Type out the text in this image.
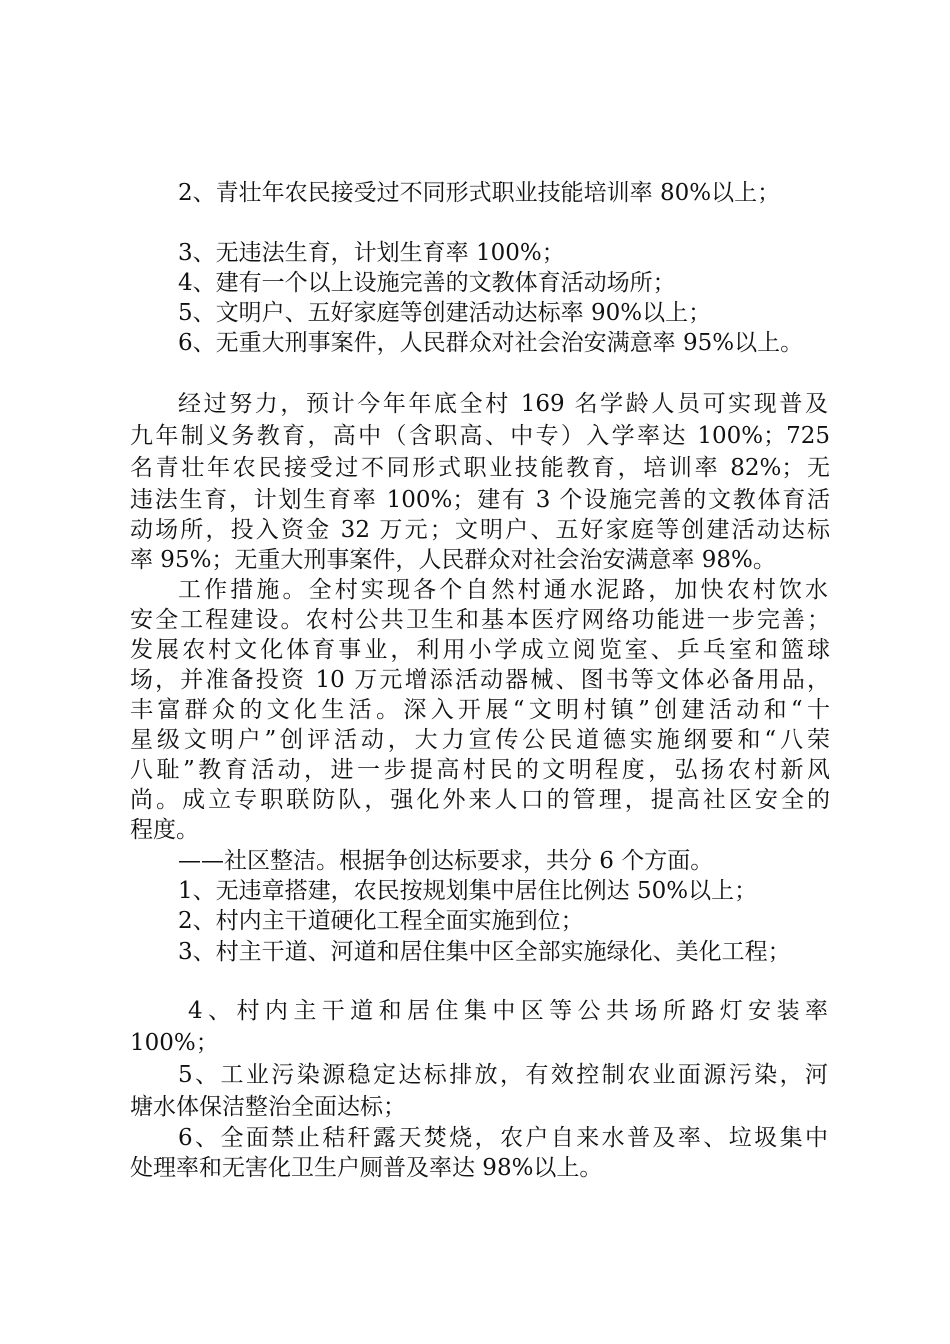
2、青壮年农民接受过不同形式职业技能培训率 80%以上；
3、无违法生育，计划生育率 100%；
4、建有一个以上设施完善的文教体育活动场所；
5、文明户、五好家庭等创建活动达标率 90%以上；
6、无重大刑事案件，人民群众对社会治安满意率 95%以上。
经过努力，预计今年年底全村 169 名学龄人员可实现普及
九年制义务教育，高中（含职高、中专）入学率达 100%；725
名青壮年农民接受过不同形式职业技能教育，培训率 82%；无
违法生育，计划生育率 100%；建有 3 个设施完善的文教体育活
动场所，投入资金 32 万元；文明户、五好家庭等创建活动达标
率 95%；无重大刑事案件，人民群众对社会治安满意率 98%。
工作措施。全村实现各个自然村通水泥路，加快农村饮水
安全工程建设。农村公共卫生和基本医疗网络功能进一步完善；
发展农村文化体育事业，利用小学成立阅览室、乒乓室和篮球
场，并准备投资 10 万元增添活动器械、图书等文体必备用品，
丰富群众的文化生活。深入开展“文明村镇”创建活动和“十
星级文明户”创评活动，大力宣传公民道德实施纲要和“八荣
八耻”教育活动，进一步提高村民的文明程度，弘扬农村新风
尚。成立专职联防队，强化外来人口的管理，提高社区安全的
程度。
——社区整洁。根据争创达标要求，共分 6 个方面。
1、无违章搭建，农民按规划集中居住比例达 50%以上；
2、村内主干道硬化工程全面实施到位；
3、村主干道、河道和居住集中区全部实施绿化、美化工程；
4、村内主干道和居住集中区等公共场所路灯安装率
100%；
5、工业污染源稳定达标排放，有效控制农业面源污染，河
塘水体保洁整治全面达标；
6、全面禁止秸秆露天焚烧，农户自来水普及率、垃圾集中
处理率和无害化卫生户厕普及率达 98%以上。
